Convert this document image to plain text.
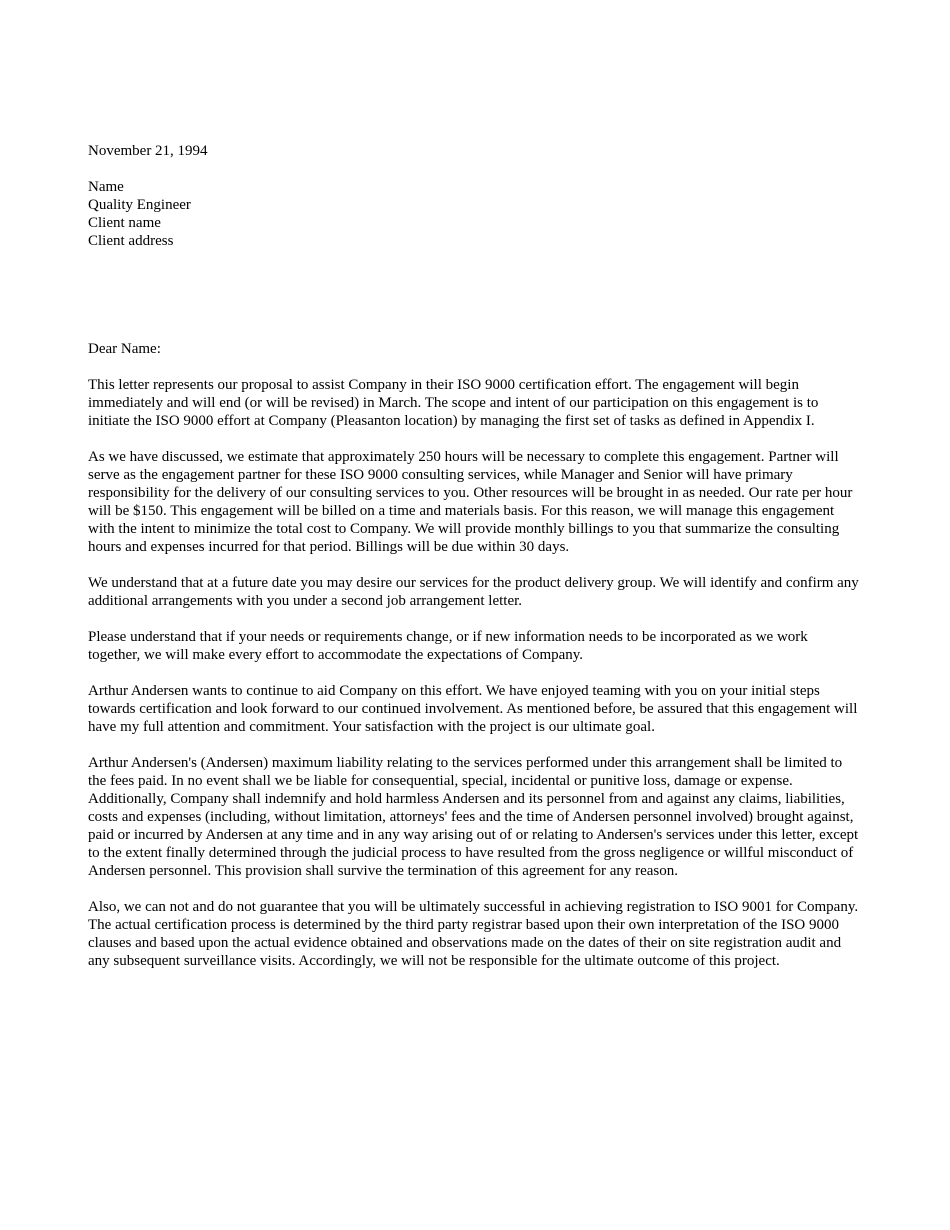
November 21, 1994

Name
Quality Engineer
Client name
Client address

Dear Name:

This letter represents our proposal to assist Company in their ISO 9000 certification effort. The engagement will begin immediately and will end (or will be revised) in March. The scope and intent of our participation on this engagement is to initiate the ISO 9000 effort at Company (Pleasanton location) by managing the first set of tasks as defined in Appendix I.

As we have discussed, we estimate that approximately 250 hours will be necessary to complete this engagement. Partner will serve as the engagement partner for these ISO 9000 consulting services, while Manager and Senior will have primary responsibility for the delivery of our consulting services to you. Other resources will be brought in as needed. Our rate per hour will be $150. This engagement will be billed on a time and materials basis. For this reason, we will manage this engagement with the intent to minimize the total cost to Company. We will provide monthly billings to you that summarize the consulting hours and expenses incurred for that period. Billings will be due within 30 days.

We understand that at a future date you may desire our services for the product delivery group. We will identify and confirm any additional arrangements with you under a second job arrangement letter.

Please understand that if your needs or requirements change, or if new information needs to be incorporated as we work together, we will make every effort to accommodate the expectations of Company.

Arthur Andersen wants to continue to aid Company on this effort. We have enjoyed teaming with you on your initial steps towards certification and look forward to our continued involvement. As mentioned before, be assured that this engagement will have my full attention and commitment. Your satisfaction with the project is our ultimate goal.

Arthur Andersen's (Andersen) maximum liability relating to the services performed under this arrangement shall be limited to the fees paid. In no event shall we be liable for consequential, special, incidental or punitive loss, damage or expense. Additionally, Company shall indemnify and hold harmless Andersen and its personnel from and against any claims, liabilities, costs and expenses (including, without limitation, attorneys' fees and the time of Andersen personnel involved) brought against, paid or incurred by Andersen at any time and in any way arising out of or relating to Andersen's services under this letter, except to the extent finally determined through the judicial process to have resulted from the gross negligence or willful misconduct of Andersen personnel. This provision shall survive the termination of this agreement for any reason.

Also, we can not and do not guarantee that you will be ultimately successful in achieving registration to ISO 9001 for Company. The actual certification process is determined by the third party registrar based upon their own interpretation of the ISO 9000 clauses and based upon the actual evidence obtained and observations made on the dates of their on site registration audit and any subsequent surveillance visits. Accordingly, we will not be responsible for the ultimate outcome of this project.
